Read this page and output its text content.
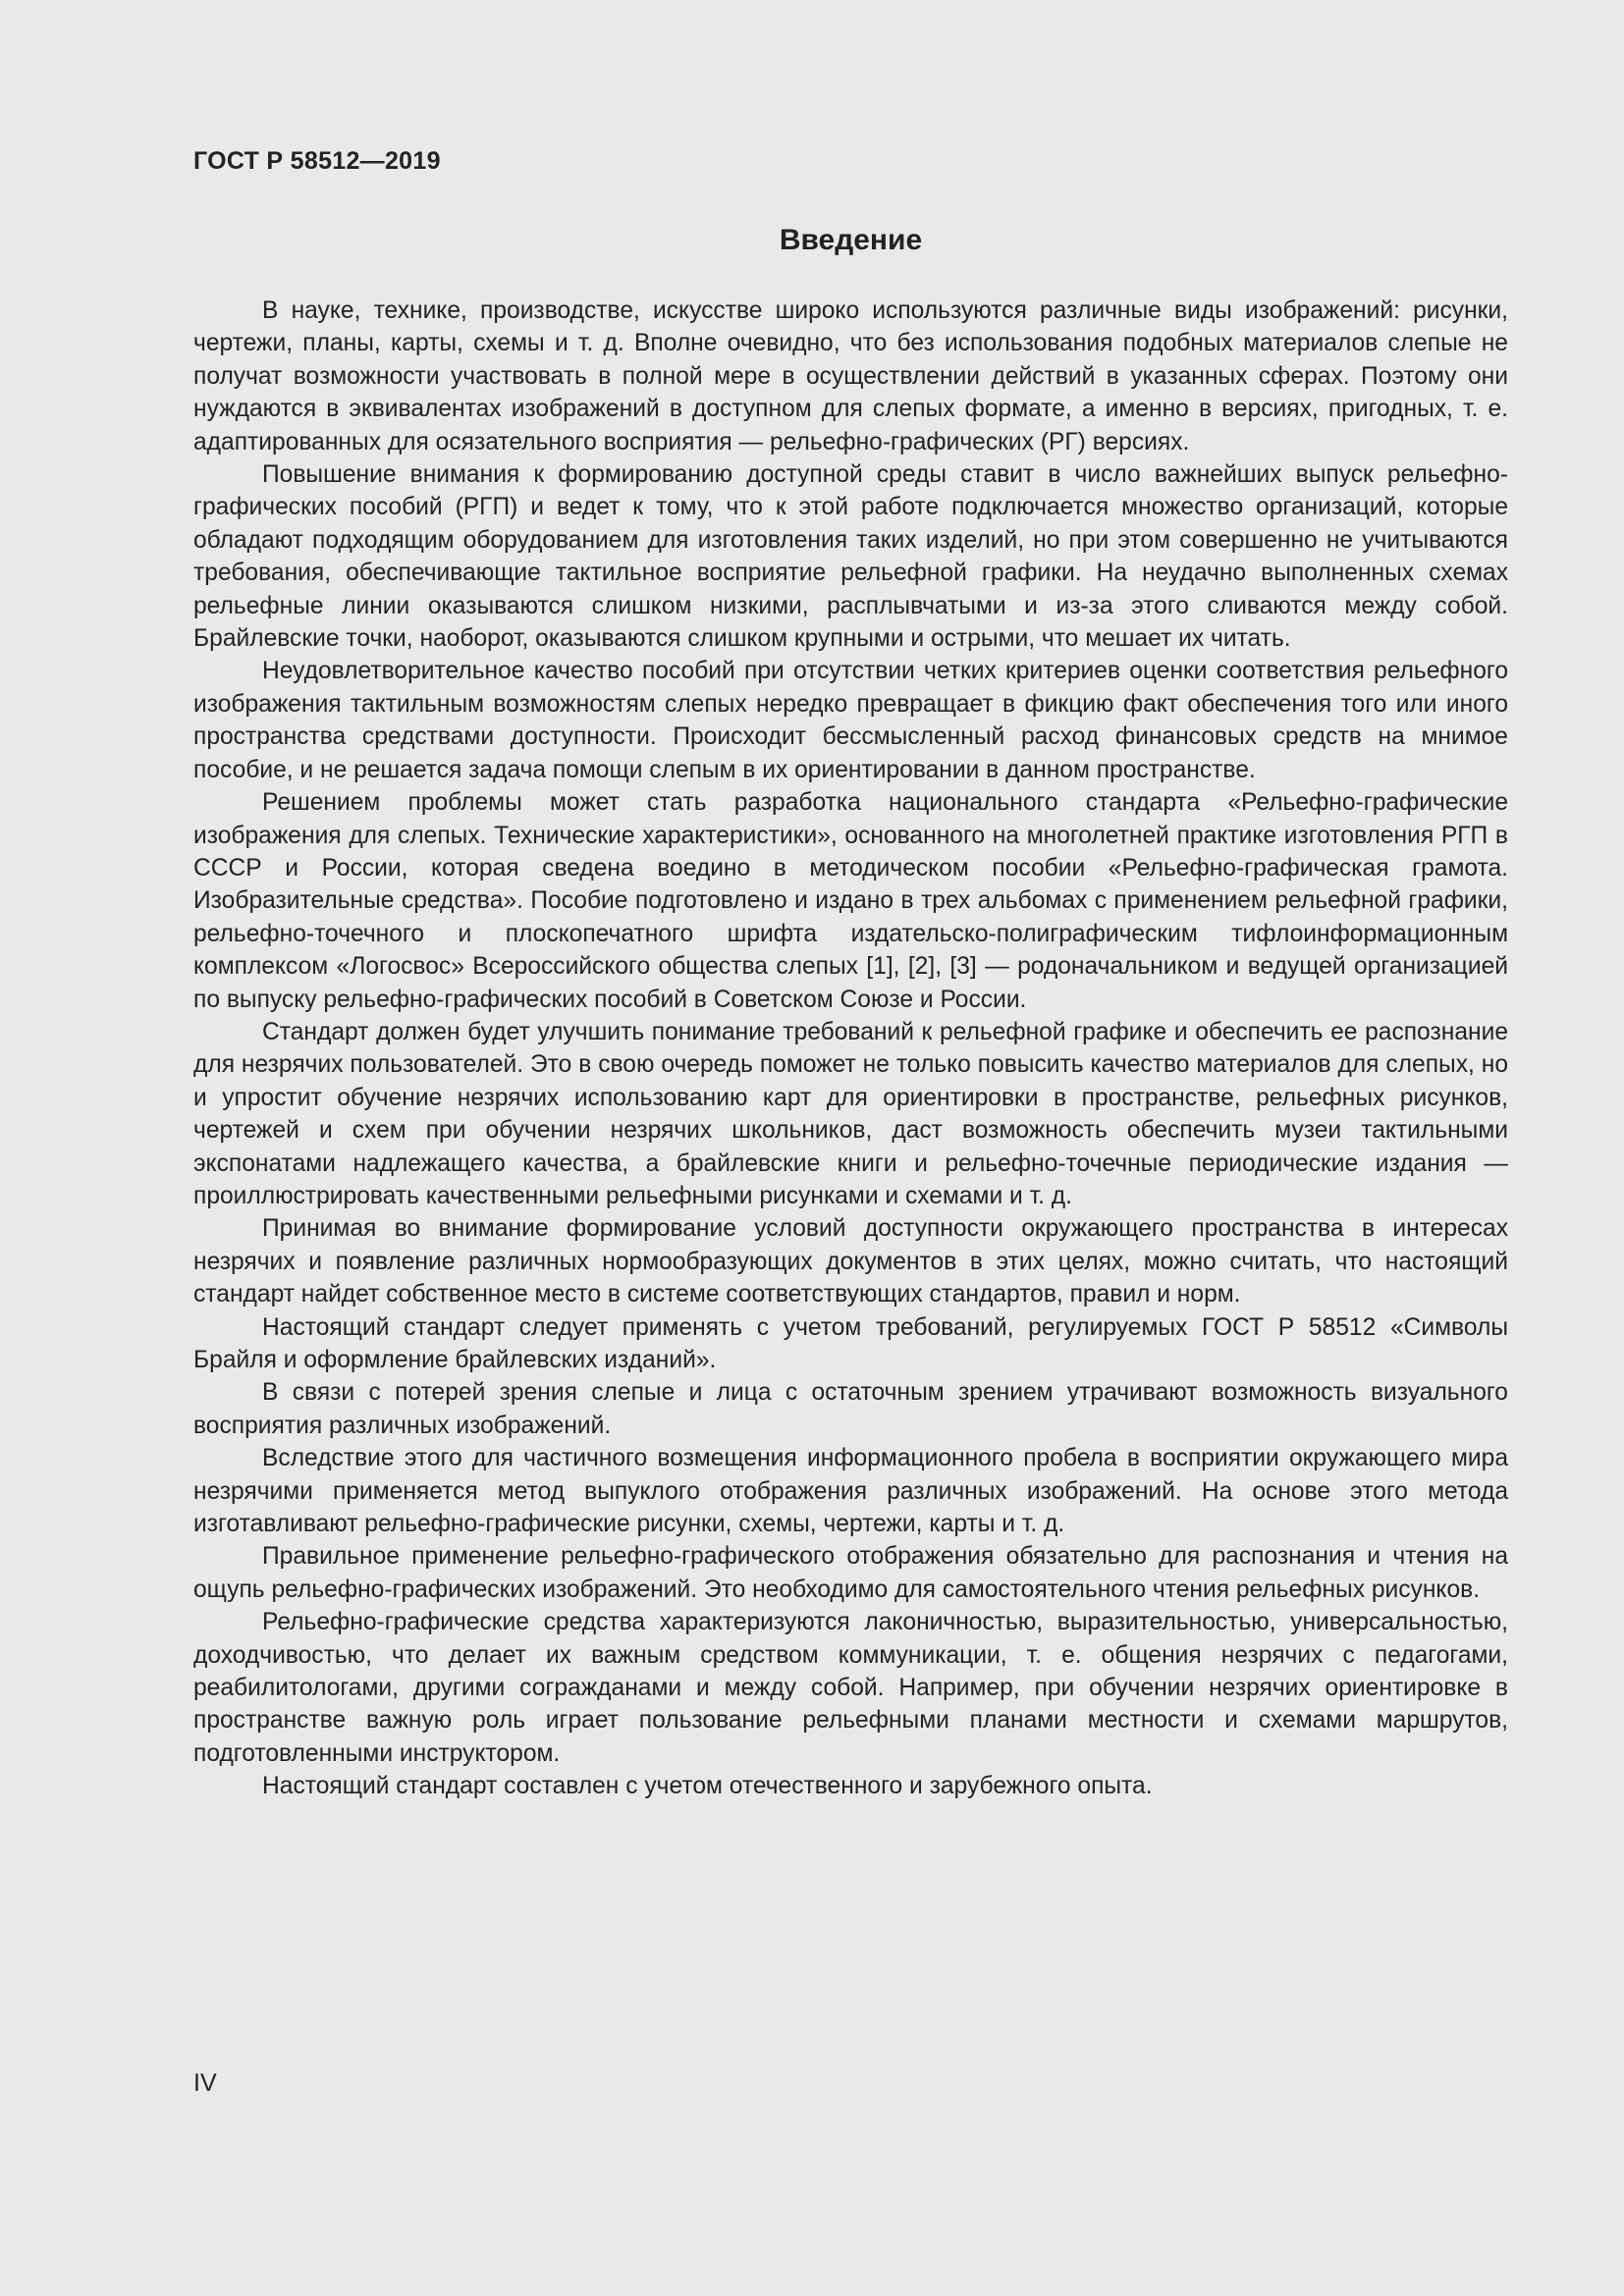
ГОСТ Р 58512—2019
Введение

В науке, технике, производстве, искусстве широко используются различные виды изображений: рисунки, чертежи, планы, карты, схемы и т. д. Вполне очевидно, что без использования подобных материалов слепые не получат возможности участвовать в полной мере в осуществлении действий в указанных сферах. Поэтому они нуждаются в эквивалентах изображений в доступном для слепых формате, а именно в версиях, пригодных, т. е. адаптированных для осязательного восприятия — рельефно-графических (РГ) версиях.

Повышение внимания к формированию доступной среды ставит в число важнейших выпуск рельефно-графических пособий (РГП) и ведет к тому, что к этой работе подключается множество организаций, которые обладают подходящим оборудованием для изготовления таких изделий, но при этом совершенно не учитываются требования, обеспечивающие тактильное восприятие рельефной графики. На неудачно выполненных схемах рельефные линии оказываются слишком низкими, расплывчатыми и из-за этого сливаются между собой. Брайлевские точки, наоборот, оказываются слишком крупными и острыми, что мешает их читать.

Неудовлетворительное качество пособий при отсутствии четких критериев оценки соответствия рельефного изображения тактильным возможностям слепых нередко превращает в фикцию факт обеспечения того или иного пространства средствами доступности. Происходит бессмысленный расход финансовых средств на мнимое пособие, и не решается задача помощи слепым в их ориентировании в данном пространстве.

Решением проблемы может стать разработка национального стандарта «Рельефно-графические изображения для слепых. Технические характеристики», основанного на многолетней практике изготовления РГП в СССР и России, которая сведена воедино в методическом пособии «Рельефно-графическая грамота. Изобразительные средства». Пособие подготовлено и издано в трех альбомах с применением рельефной графики, рельефно-точечного и плоскопечатного шрифта издательско-полиграфическим тифлоинформационным комплексом «Логосвос» Всероссийского общества слепых [1], [2], [3] — родоначальником и ведущей организацией по выпуску рельефно-графических пособий в Советском Союзе и России.

Стандарт должен будет улучшить понимание требований к рельефной графике и обеспечить ее распознание для незрячих пользователей. Это в свою очередь поможет не только повысить качество материалов для слепых, но и упростит обучение незрячих использованию карт для ориентировки в пространстве, рельефных рисунков, чертежей и схем при обучении незрячих школьников, даст возможность обеспечить музеи тактильными экспонатами надлежащего качества, а брайлевские книги и рельефно-точечные периодические издания — проиллюстрировать качественными рельефными рисунками и схемами и т. д.

Принимая во внимание формирование условий доступности окружающего пространства в интересах незрячих и появление различных нормообразующих документов в этих целях, можно считать, что настоящий стандарт найдет собственное место в системе соответствующих стандартов, правил и норм.

Настоящий стандарт следует применять с учетом требований, регулируемых ГОСТ Р 58512 «Символы Брайля и оформление брайлевских изданий».

В связи с потерей зрения слепые и лица с остаточным зрением утрачивают возможность визуального восприятия различных изображений.

Вследствие этого для частичного возмещения информационного пробела в восприятии окружающего мира незрячими применяется метод выпуклого отображения различных изображений. На основе этого метода изготавливают рельефно-графические рисунки, схемы, чертежи, карты и т. д.

Правильное применение рельефно-графического отображения обязательно для распознания и чтения на ощупь рельефно-графических изображений. Это необходимо для самостоятельного чтения рельефных рисунков.

Рельефно-графические средства характеризуются лаконичностью, выразительностью, универсальностью, доходчивостью, что делает их важным средством коммуникации, т. е. общения незрячих с педагогами, реабилитологами, другими согражданами и между собой. Например, при обучении незрячих ориентировке в пространстве важную роль играет пользование рельефными планами местности и схемами маршрутов, подготовленными инструктором.

Настоящий стандарт составлен с учетом отечественного и зарубежного опыта.

IV
